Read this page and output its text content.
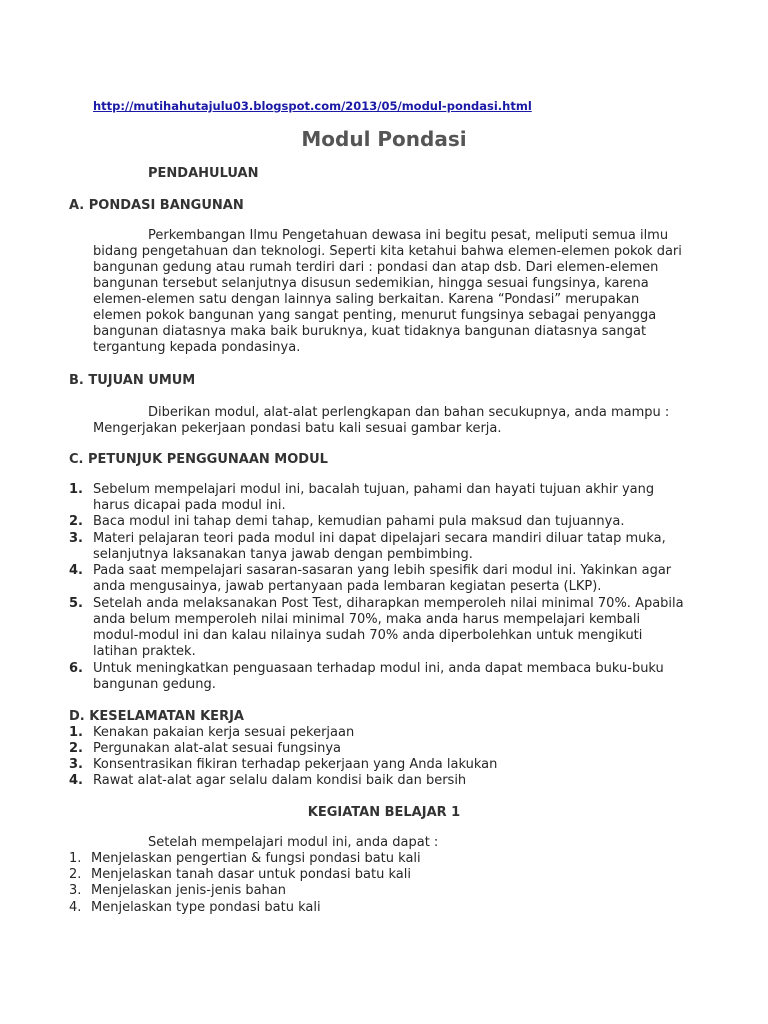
http://mutihahutajulu03.blogspot.com/2013/05/modul-pondasi.html
Modul Pondasi
PENDAHULUAN
A. PONDASI BANGUNAN
Perkembangan Ilmu Pengetahuan dewasa ini begitu pesat, meliputi semua ilmu bidang pengetahuan dan teknologi. Seperti kita ketahui bahwa elemen-elemen pokok dari bangunan gedung atau rumah terdiri dari : pondasi dan atap dsb. Dari elemen-elemen bangunan tersebut selanjutnya disusun sedemikian, hingga sesuai fungsinya, karena elemen-elemen satu dengan lainnya saling berkaitan. Karena “Pondasi” merupakan elemen pokok bangunan yang sangat penting, menurut fungsinya sebagai penyangga bangunan diatasnya maka baik buruknya, kuat tidaknya bangunan diatasnya sangat tergantung kepada pondasinya.
B. TUJUAN UMUM
Diberikan modul, alat-alat perlengkapan dan bahan secukupnya, anda mampu : Mengerjakan pekerjaan pondasi batu kali sesuai gambar kerja.
C. PETUNJUK PENGGUNAAN MODUL
1. Sebelum mempelajari modul ini, bacalah tujuan, pahami dan hayati tujuan akhir yang harus dicapai pada modul ini.
2. Baca modul ini tahap demi tahap, kemudian pahami pula maksud dan tujuannya.
3. Materi pelajaran teori pada modul ini dapat dipelajari secara mandiri diluar tatap muka, selanjutnya laksanakan tanya jawab dengan pembimbing.
4. Pada saat mempelajari sasaran-sasaran yang lebih spesifik dari modul ini. Yakinkan agar anda mengusainya, jawab pertanyaan pada lembaran kegiatan peserta (LKP).
5. Setelah anda melaksanakan Post Test, diharapkan memperoleh nilai minimal 70%. Apabila anda belum memperoleh nilai minimal 70%, maka anda harus mempelajari kembali modul-modul ini dan kalau nilainya sudah 70% anda diperbolehkan untuk mengikuti latihan praktek.
6. Untuk meningkatkan penguasaan terhadap modul ini, anda dapat membaca buku-buku bangunan gedung.
D. KESELAMATAN KERJA
1. Kenakan pakaian kerja sesuai pekerjaan
2. Pergunakan alat-alat sesuai fungsinya
3. Konsentrasikan fikiran terhadap pekerjaan yang Anda lakukan
4. Rawat alat-alat agar selalu dalam kondisi baik dan bersih
KEGIATAN BELAJAR 1
Setelah mempelajari modul ini, anda dapat :
1. Menjelaskan pengertian & fungsi pondasi batu kali
2. Menjelaskan tanah dasar untuk pondasi batu kali
3. Menjelaskan jenis-jenis bahan
4. Menjelaskan type pondasi batu kali
